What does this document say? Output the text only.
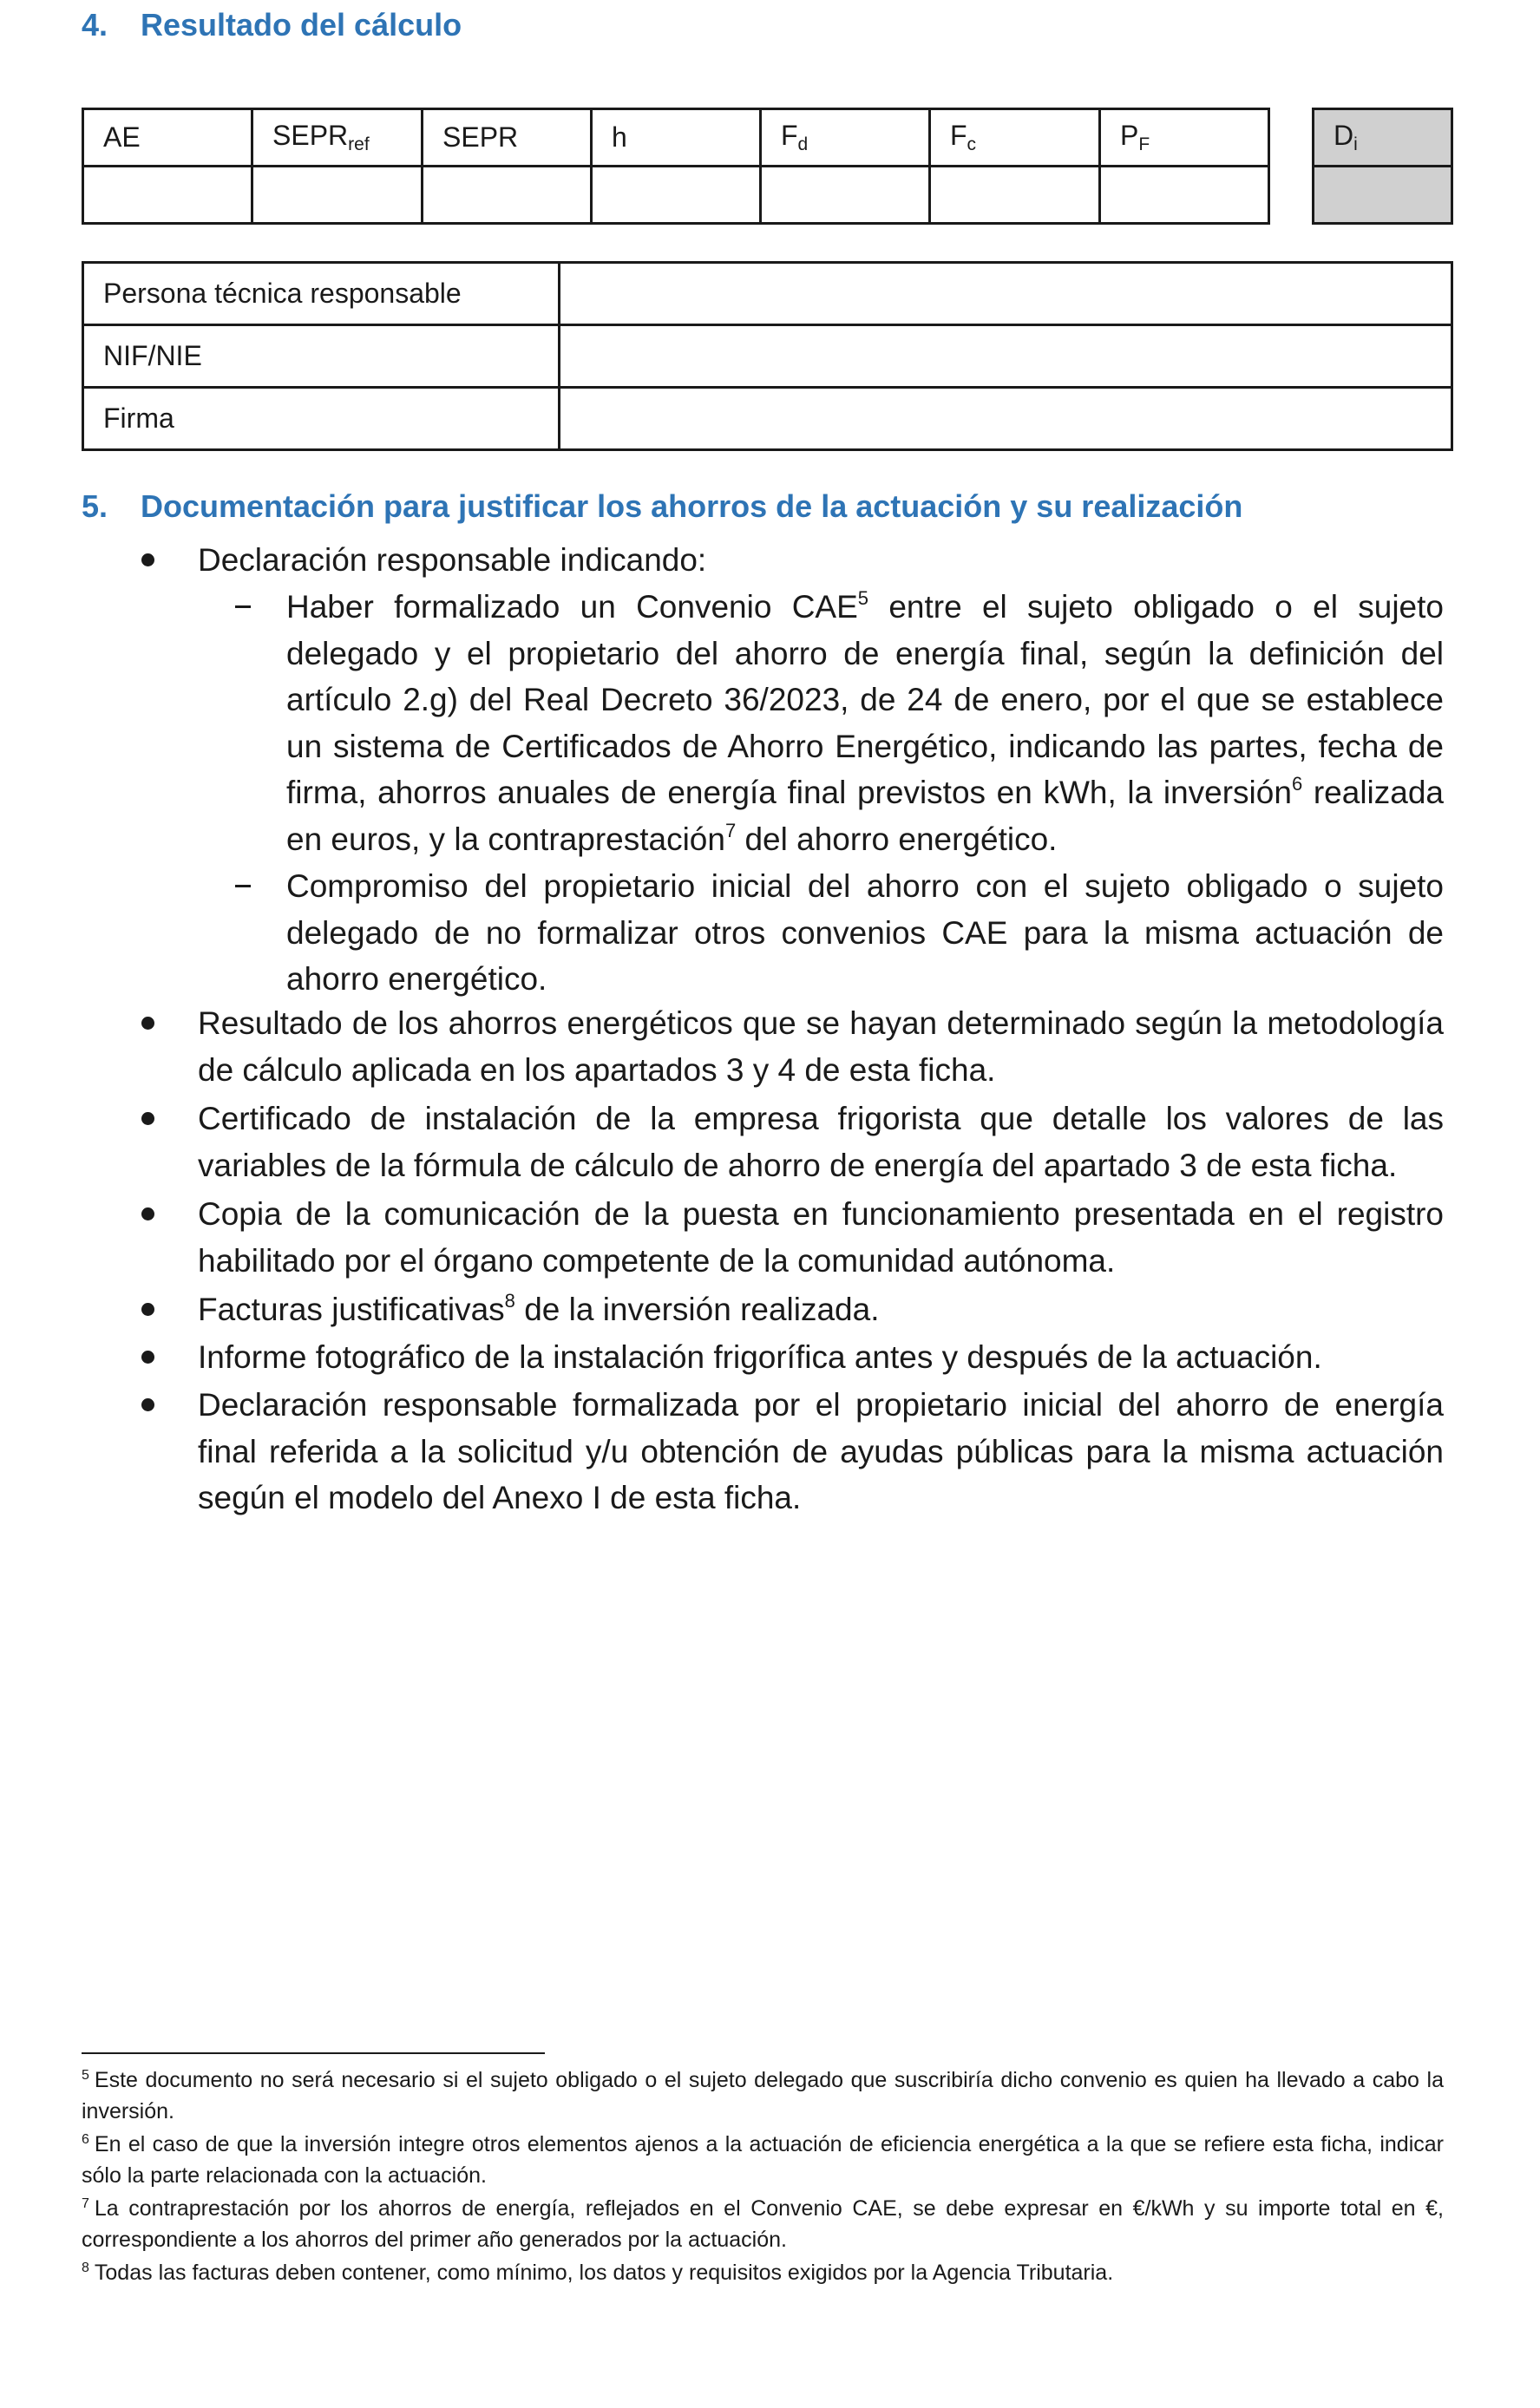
4. Resultado del cálculo
AE	$SEPR_{ref}$	SEPR	h	$F_d$	$F_c$	$P_F$		$D_i$

Persona técnica responsable	
NIF/NIE	
Firma	
5. Documentación para justificar los ahorros de la actuación y su realización
Declaración responsable indicando:
Haber formalizado un Convenio CAE$^5$ entre el sujeto obligado o el sujeto delegado y el propietario del ahorro de energía final, según la definición del artículo 2.g) del Real Decreto 36/2023, de 24 de enero, por el que se establece un sistema de Certificados de Ahorro Energético, indicando las partes, fecha de firma, ahorros anuales de energía final previstos en kWh, la inversión$^6$ realizada en euros, y la contraprestación$^7$ del ahorro energético.
Compromiso del propietario inicial del ahorro con el sujeto obligado o sujeto delegado de no formalizar otros convenios CAE para la misma actuación de ahorro energético.
Resultado de los ahorros energéticos que se hayan determinado según la metodología de cálculo aplicada en los apartados 3 y 4 de esta ficha.
Certificado de instalación de la empresa frigorista que detalle los valores de las variables de la fórmula de cálculo de ahorro de energía del apartado 3 de esta ficha.
Copia de la comunicación de la puesta en funcionamiento presentada en el registro habilitado por el órgano competente de la comunidad autónoma.
Facturas justificativas$^8$ de la inversión realizada.
Informe fotográfico de la instalación frigorífica antes y después de la actuación.
Declaración responsable formalizada por el propietario inicial del ahorro de energía final referida a la solicitud y/u obtención de ayudas públicas para la misma actuación según el modelo del Anexo I de esta ficha.
$^5$ Este documento no será necesario si el sujeto obligado o el sujeto delegado que suscribiría dicho convenio es quien ha llevado a cabo la inversión.
$^6$ En el caso de que la inversión integre otros elementos ajenos a la actuación de eficiencia energética a la que se refiere esta ficha, indicar sólo la parte relacionada con la actuación.
$^7$ La contraprestación por los ahorros de energía, reflejados en el Convenio CAE, se debe expresar en €/kWh y su importe total en €, correspondiente a los ahorros del primer año generados por la actuación.
$^8$ Todas las facturas deben contener, como mínimo, los datos y requisitos exigidos por la Agencia Tributaria.
